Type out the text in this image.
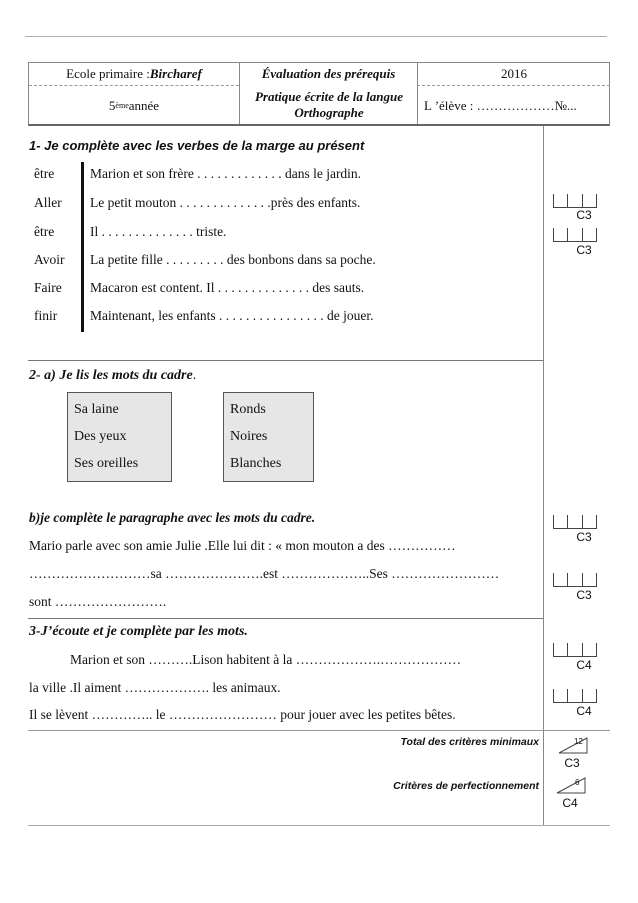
Ecole primaire : Bircharef
5 ème année
Évaluation des prérequis
Pratique écrite de la langue Orthographe
2016
L ’élève : ………………№...
1- Je complète avec les verbes de la marge au présent
être	Marion et son frère . . . . . . . . . . . . . dans le jardin.
Aller Le petit mouton . . . . . . . . . . . . . .près des enfants.
être	Il . . . . . . . . . . . . . . triste.
Avoir La petite fille . . . . . . . . . des bonbons dans sa poche.
Faire Macaron est content. Il . . . . . . . . . . . . . . des sauts.
finir Maintenant, les enfants . . . . . . . . . . . . . . . . de jouer.
2- a) Je lis les mots du cadre.
Sa laine
Des yeux
Ses oreilles
Ronds
Noires
Blanches
b)je complète le paragraphe avec les mots du cadre.
Mario parle avec son amie Julie .Elle lui dit : « mon mouton a des ……………
………………………sa ………………….est ………………..Ses ……………………
sont …………………….
3-J’écoute et je complète par les mots.
Marion et son ……….Lison habitent à la ……………….………………
la ville .Il aiment ………………. les animaux.
Il se lèvent ………….. le …………………… pour jouer avec les petites bêtes.
C3
C3
C3
C3
C4
C4
Total des critères minimaux	12
C3
Critères de perfectionnement	6
C4
